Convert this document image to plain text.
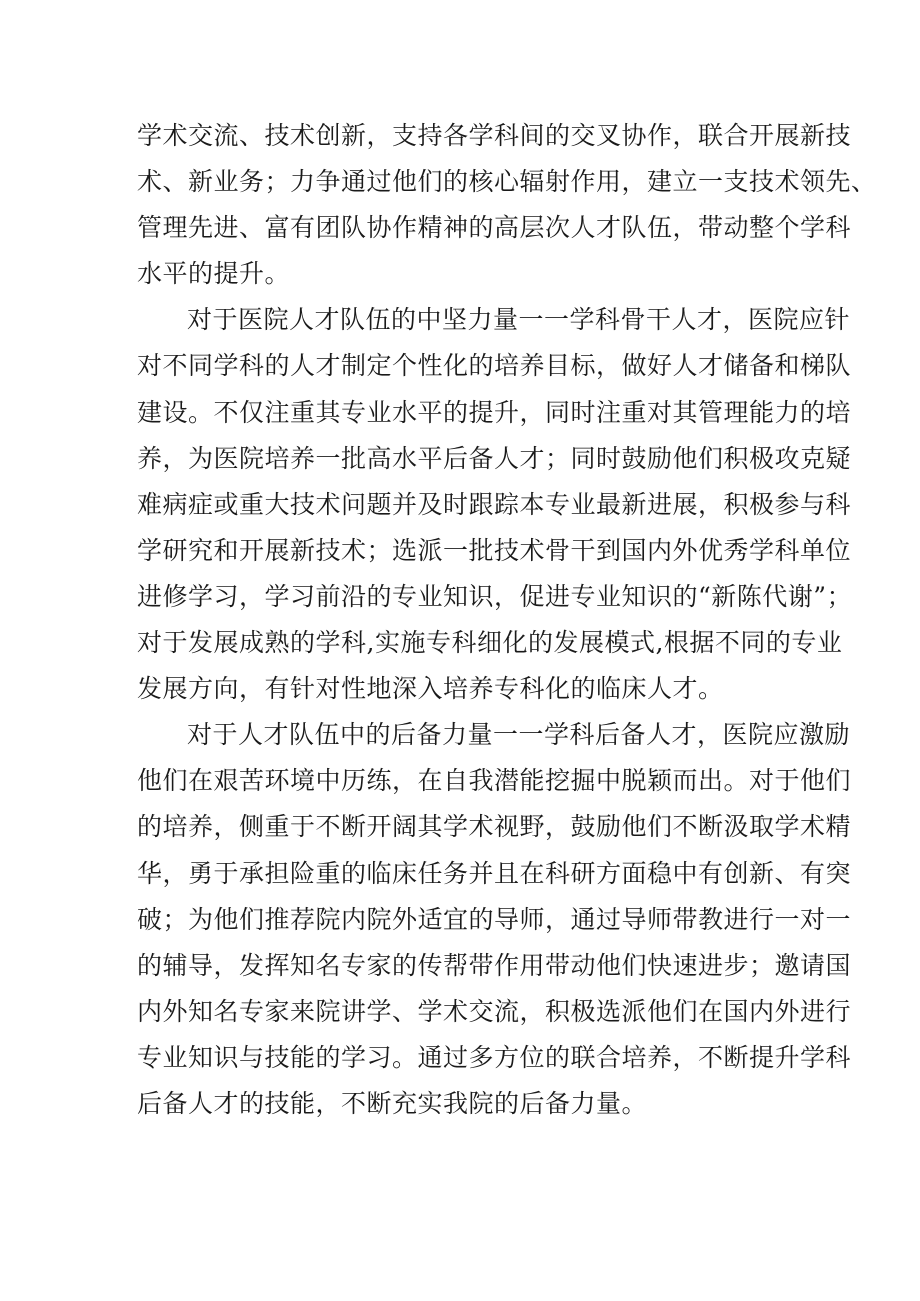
学术交流、技术创新，支持各学科间的交叉协作，联合开展新技
术、新业务；力争通过他们的核心辐射作用，建立一支技术领先、
管理先进、富有团队协作精神的高层次人才队伍，带动整个学科
水平的提升。
对于医院人才队伍的中坚力量一一学科骨干人才，医院应针
对不同学科的人才制定个性化的培养目标，做好人才储备和梯队
建设。不仅注重其专业水平的提升，同时注重对其管理能力的培
养，为医院培养一批高水平后备人才；同时鼓励他们积极攻克疑
难病症或重大技术问题并及时跟踪本专业最新进展，积极参与科
学研究和开展新技术；选派一批技术骨干到国内外优秀学科单位
进修学习，学习前沿的专业知识，促进专业知识的“新陈代谢”；
对于发展成熟的学科,实施专科细化的发展模式,根据不同的专业
发展方向，有针对性地深入培养专科化的临床人才。
对于人才队伍中的后备力量一一学科后备人才，医院应激励
他们在艰苦环境中历练，在自我潜能挖掘中脱颖而出。对于他们
的培养，侧重于不断开阔其学术视野，鼓励他们不断汲取学术精
华，勇于承担险重的临床任务并且在科研方面稳中有创新、有突
破；为他们推荐院内院外适宜的导师，通过导师带教进行一对一
的辅导，发挥知名专家的传帮带作用带动他们快速进步；邀请国
内外知名专家来院讲学、学术交流，积极选派他们在国内外进行
专业知识与技能的学习。通过多方位的联合培养，不断提升学科
后备人才的技能，不断充实我院的后备力量。
